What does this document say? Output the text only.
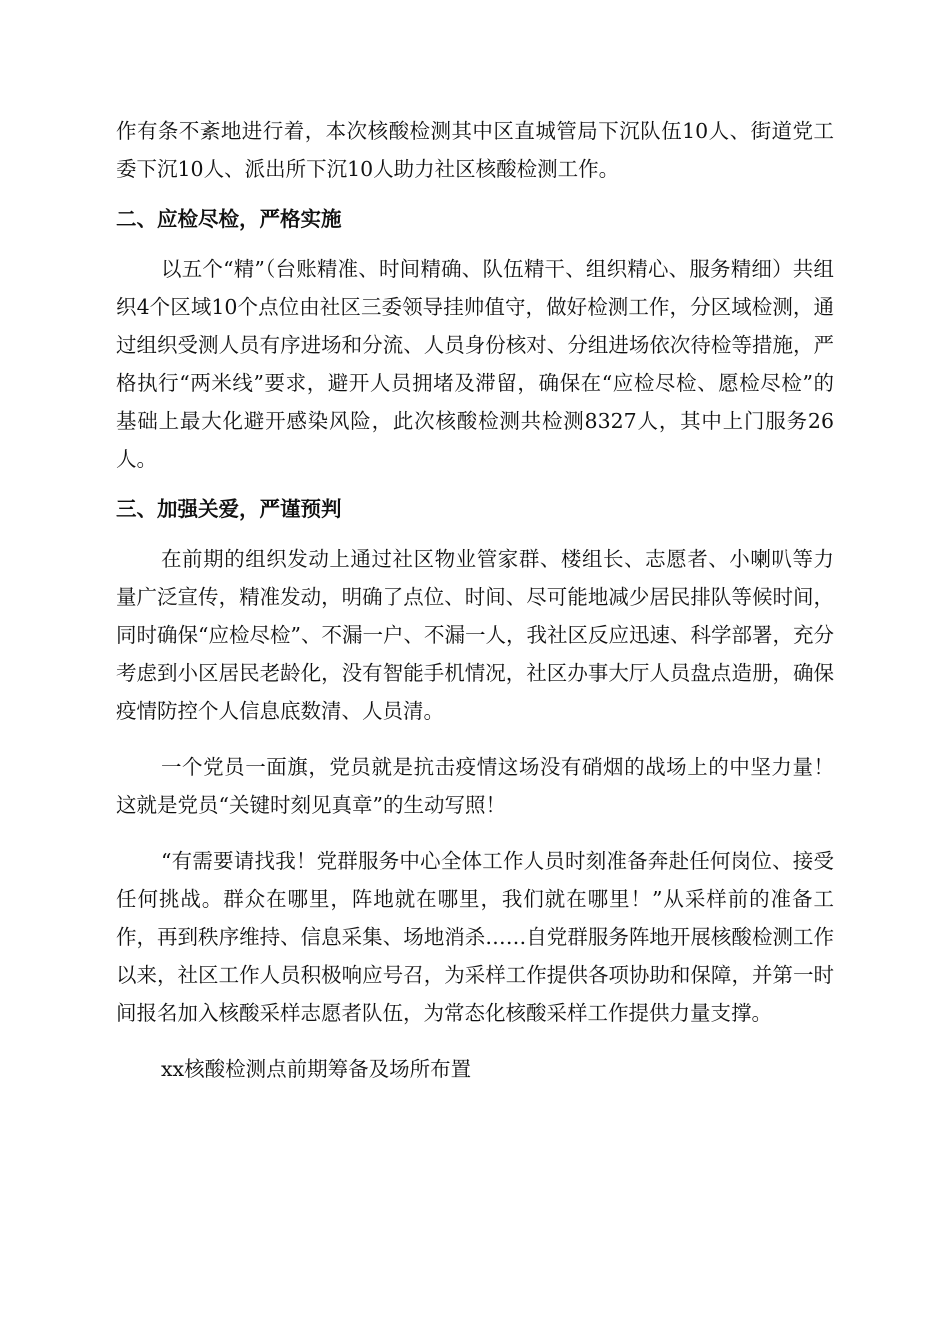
作有条不紊地进行着，本次核酸检测其中区直城管局下沉队伍10人、街道党工委下沉10人、派出所下沉10人助力社区核酸检测工作。

二、应检尽检，严格实施

以五个“精”（台账精准、时间精确、队伍精干、组织精心、服务精细）共组织4个区域10个点位由社区三委领导挂帅值守，做好检测工作，分区域检测，通过组织受测人员有序进场和分流、人员身份核对、分组进场依次待检等措施，严格执行“两米线”要求，避开人员拥堵及滞留，确保在“应检尽检、愿检尽检”的基础上最大化避开感染风险，此次核酸检测共检测8327人，其中上门服务26人。

三、加强关爱，严谨预判

在前期的组织发动上通过社区物业管家群、楼组长、志愿者、小喇叭等力量广泛宣传，精准发动，明确了点位、时间、尽可能地减少居民排队等候时间，同时确保“应检尽检”、不漏一户、不漏一人，我社区反应迅速、科学部署，充分考虑到小区居民老龄化，没有智能手机情况，社区办事大厅人员盘点造册，确保疫情防控个人信息底数清、人员清。

一个党员一面旗，党员就是抗击疫情这场没有硝烟的战场上的中坚力量！这就是党员“关键时刻见真章”的生动写照！

“有需要请找我！党群服务中心全体工作人员时刻准备奔赴任何岗位、接受任何挑战。群众在哪里，阵地就在哪里，我们就在哪里！”从采样前的准备工作，再到秩序维持、信息采集、场地消杀……自党群服务阵地开展核酸检测工作以来，社区工作人员积极响应号召，为采样工作提供各项协助和保障，并第一时间报名加入核酸采样志愿者队伍，为常态化核酸采样工作提供力量支撑。

xx核酸检测点前期筹备及场所布置
